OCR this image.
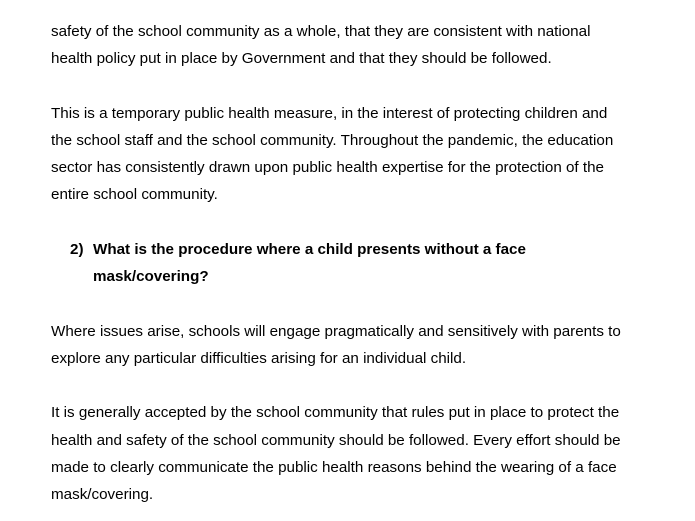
safety of the school community as a whole, that they are consistent with national
health policy put in place by Government and that they should be followed.

This is a temporary public health measure, in the interest of protecting children and
the school staff and the school community. Throughout the pandemic, the education
sector has consistently drawn upon public health expertise for the protection of the
entire school community.

2) What is the procedure where a child presents without a face
mask/covering?

Where issues arise, schools will engage pragmatically and sensitively with parents to
explore any particular difficulties arising for an individual child.

It is generally accepted by the school community that rules put in place to protect the
health and safety of the school community should be followed. Every effort should be
made to clearly communicate the public health reasons behind the wearing of a face
mask/covering.
